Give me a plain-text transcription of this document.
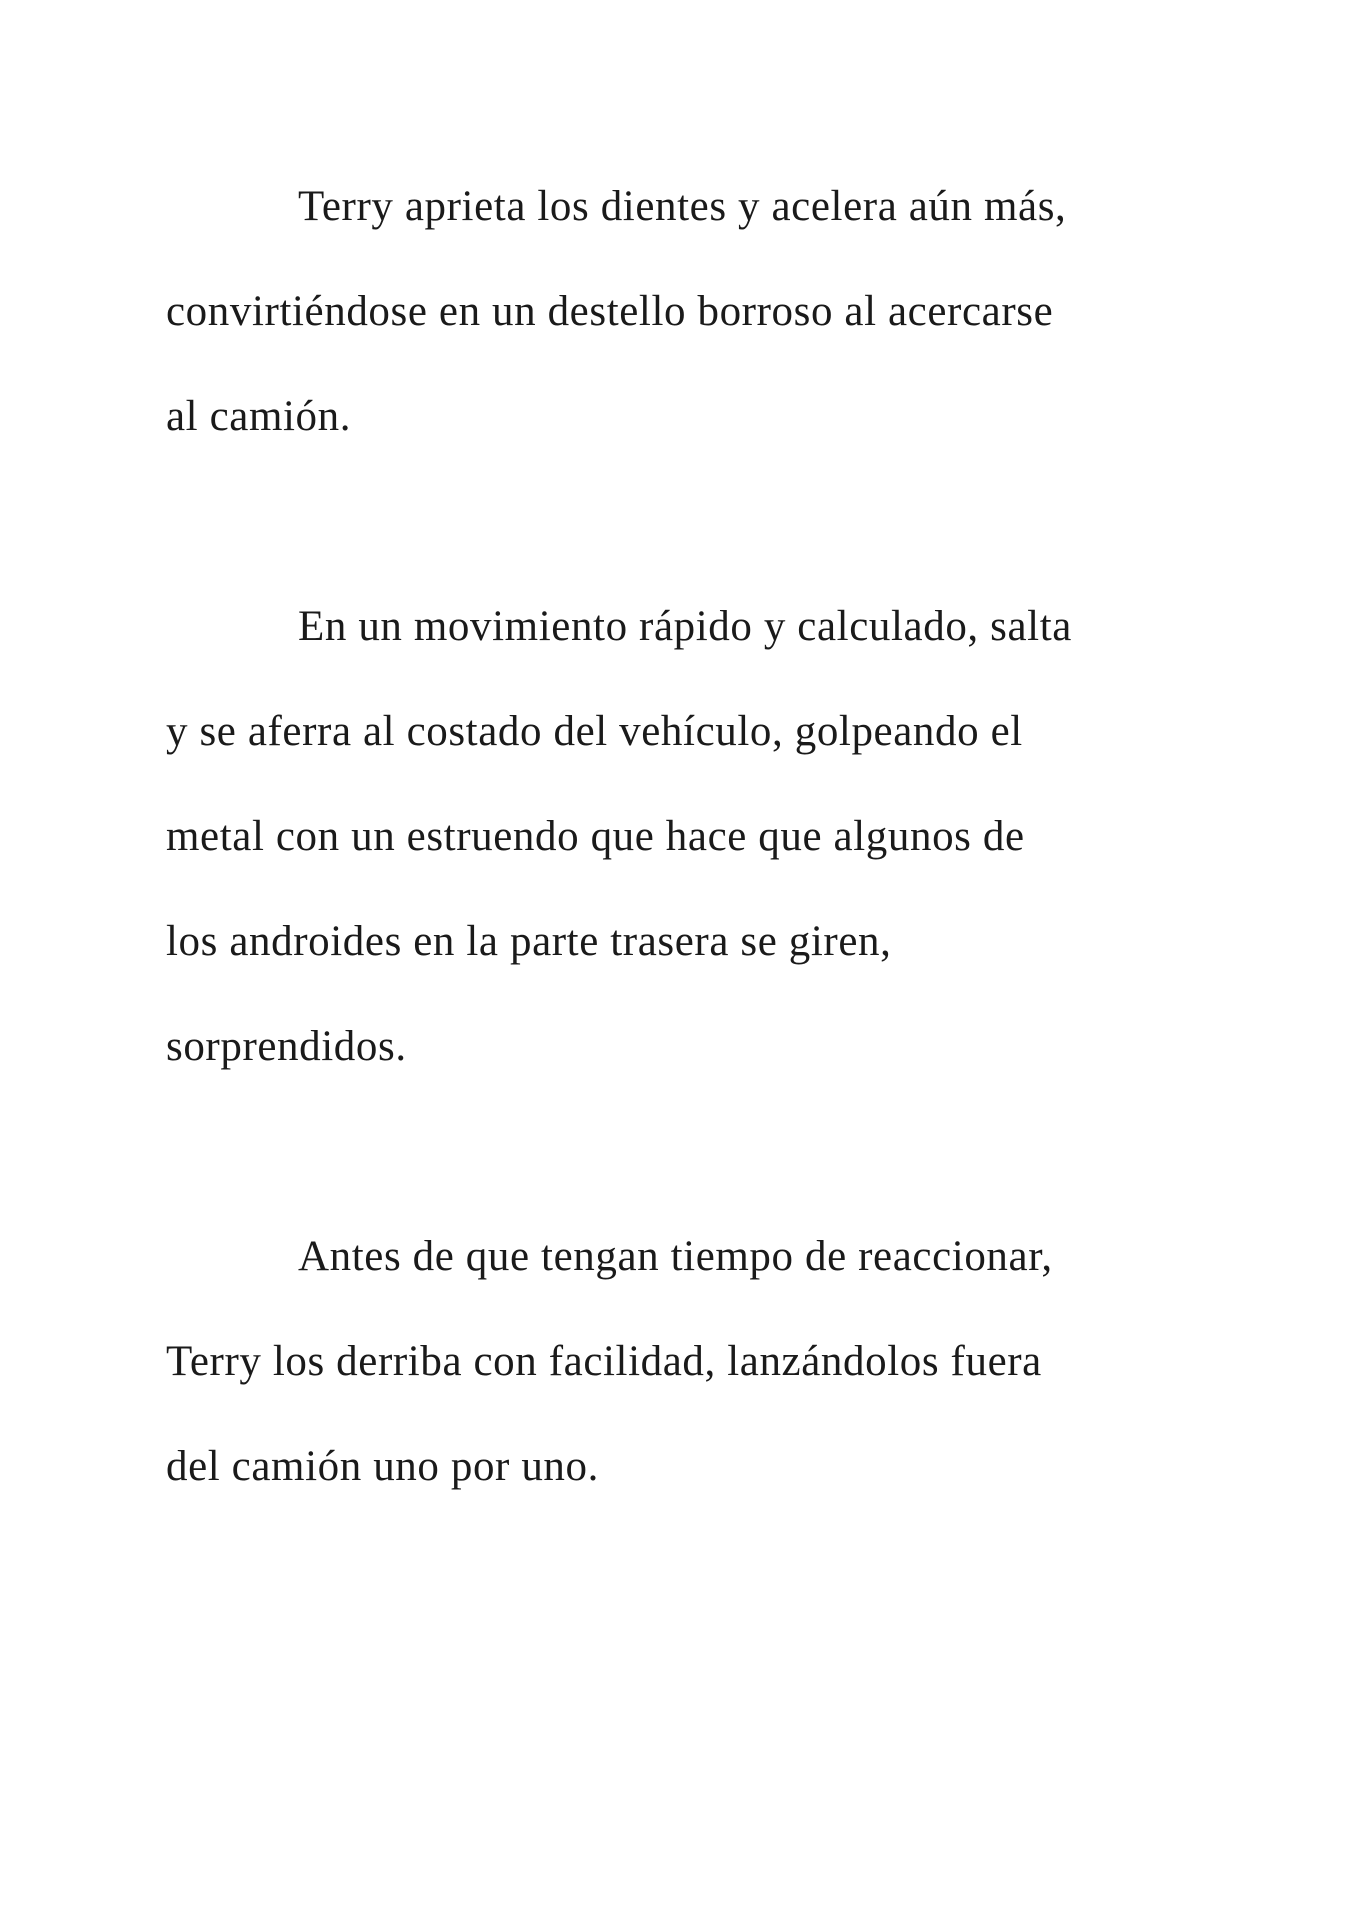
Terry aprieta los dientes y acelera aún más,
convirtiéndose en un destello borroso al acercarse
al camión.
En un movimiento rápido y calculado, salta
y se aferra al costado del vehículo, golpeando el
metal con un estruendo que hace que algunos de
los androides en la parte trasera se giren,
sorprendidos.
Antes de que tengan tiempo de reaccionar,
Terry los derriba con facilidad, lanzándolos fuera
del camión uno por uno.
